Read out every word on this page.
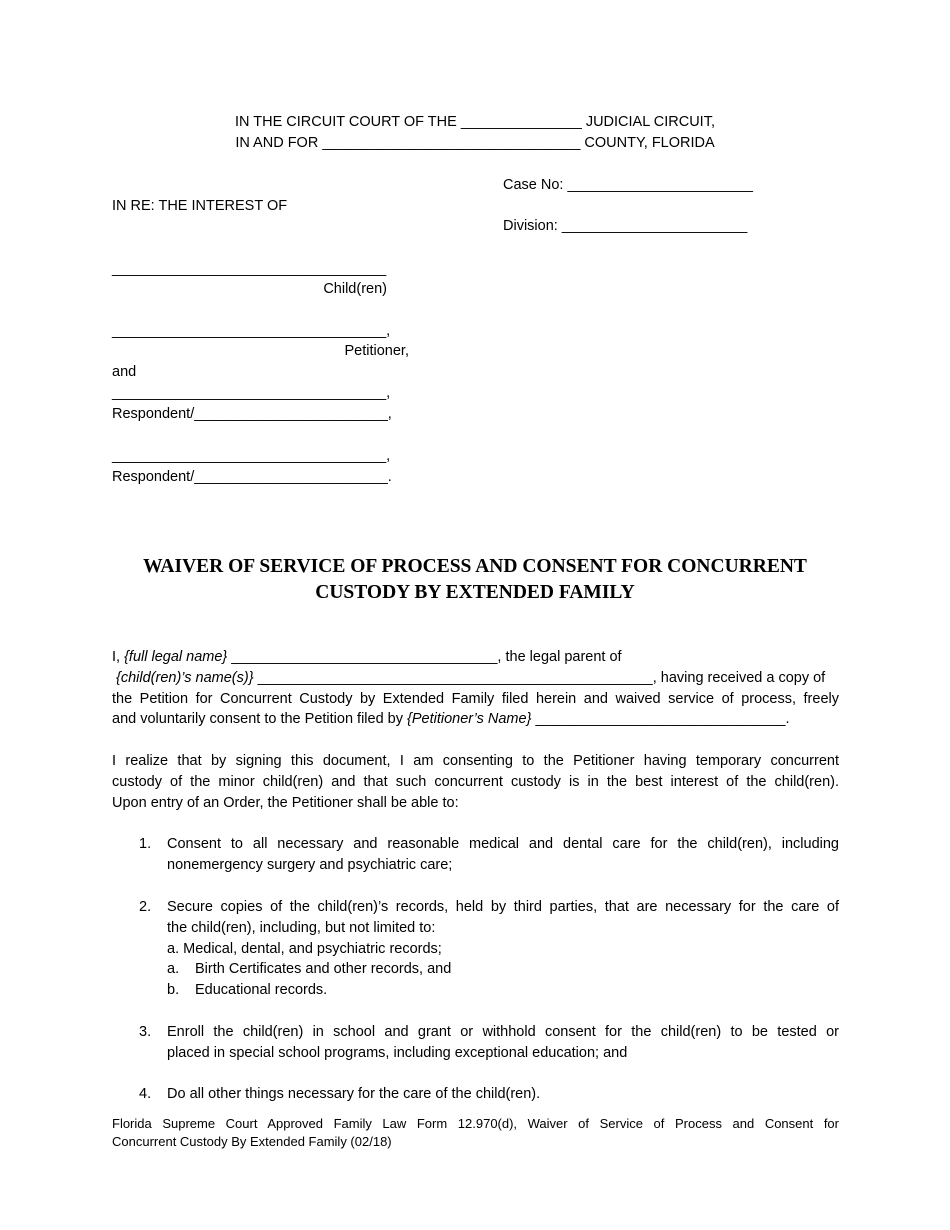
IN THE CIRCUIT COURT OF THE _______________ JUDICIAL CIRCUIT,
IN AND FOR ________________________________ COUNTY, FLORIDA
Case No: _______________________
IN RE: THE INTEREST OF
Division: _______________________
__________________________________
Child(ren)
__________________________________,
Petitioner,
and
__________________________________,
Respondent/________________________,
__________________________________,
Respondent/________________________.
WAIVER OF SERVICE OF PROCESS AND CONSENT FOR CONCURRENT
CUSTODY BY EXTENDED FAMILY
I, {full legal name} _________________________________, the legal parent of
{child(ren)’s name(s)} _________________________________________________, having received a copy of
the Petition for Concurrent Custody by Extended Family filed herein and waived service of process, freely
and voluntarily consent to the Petition filed by {Petitioner’s Name} _______________________________.
I realize that by signing this document, I am consenting to the Petitioner having temporary concurrent
custody of the minor child(ren) and that such concurrent custody is in the best interest of the child(ren).
Upon entry of an Order, the Petitioner shall be able to:
1. Consent to all necessary and reasonable medical and dental care for the child(ren), including
nonemergency surgery and psychiatric care;
2. Secure copies of the child(ren)’s records, held by third parties, that are necessary for the care of
the child(ren), including, but not limited to:
a. Medical, dental, and psychiatric records;
a. Birth Certificates and other records, and
b. Educational records.
3. Enroll the child(ren) in school and grant or withhold consent for the child(ren) to be tested or
placed in special school programs, including exceptional education; and
4. Do all other things necessary for the care of the child(ren).
Florida Supreme Court Approved Family Law Form 12.970(d), Waiver of Service of Process and Consent for
Concurrent Custody By Extended Family (02/18)
